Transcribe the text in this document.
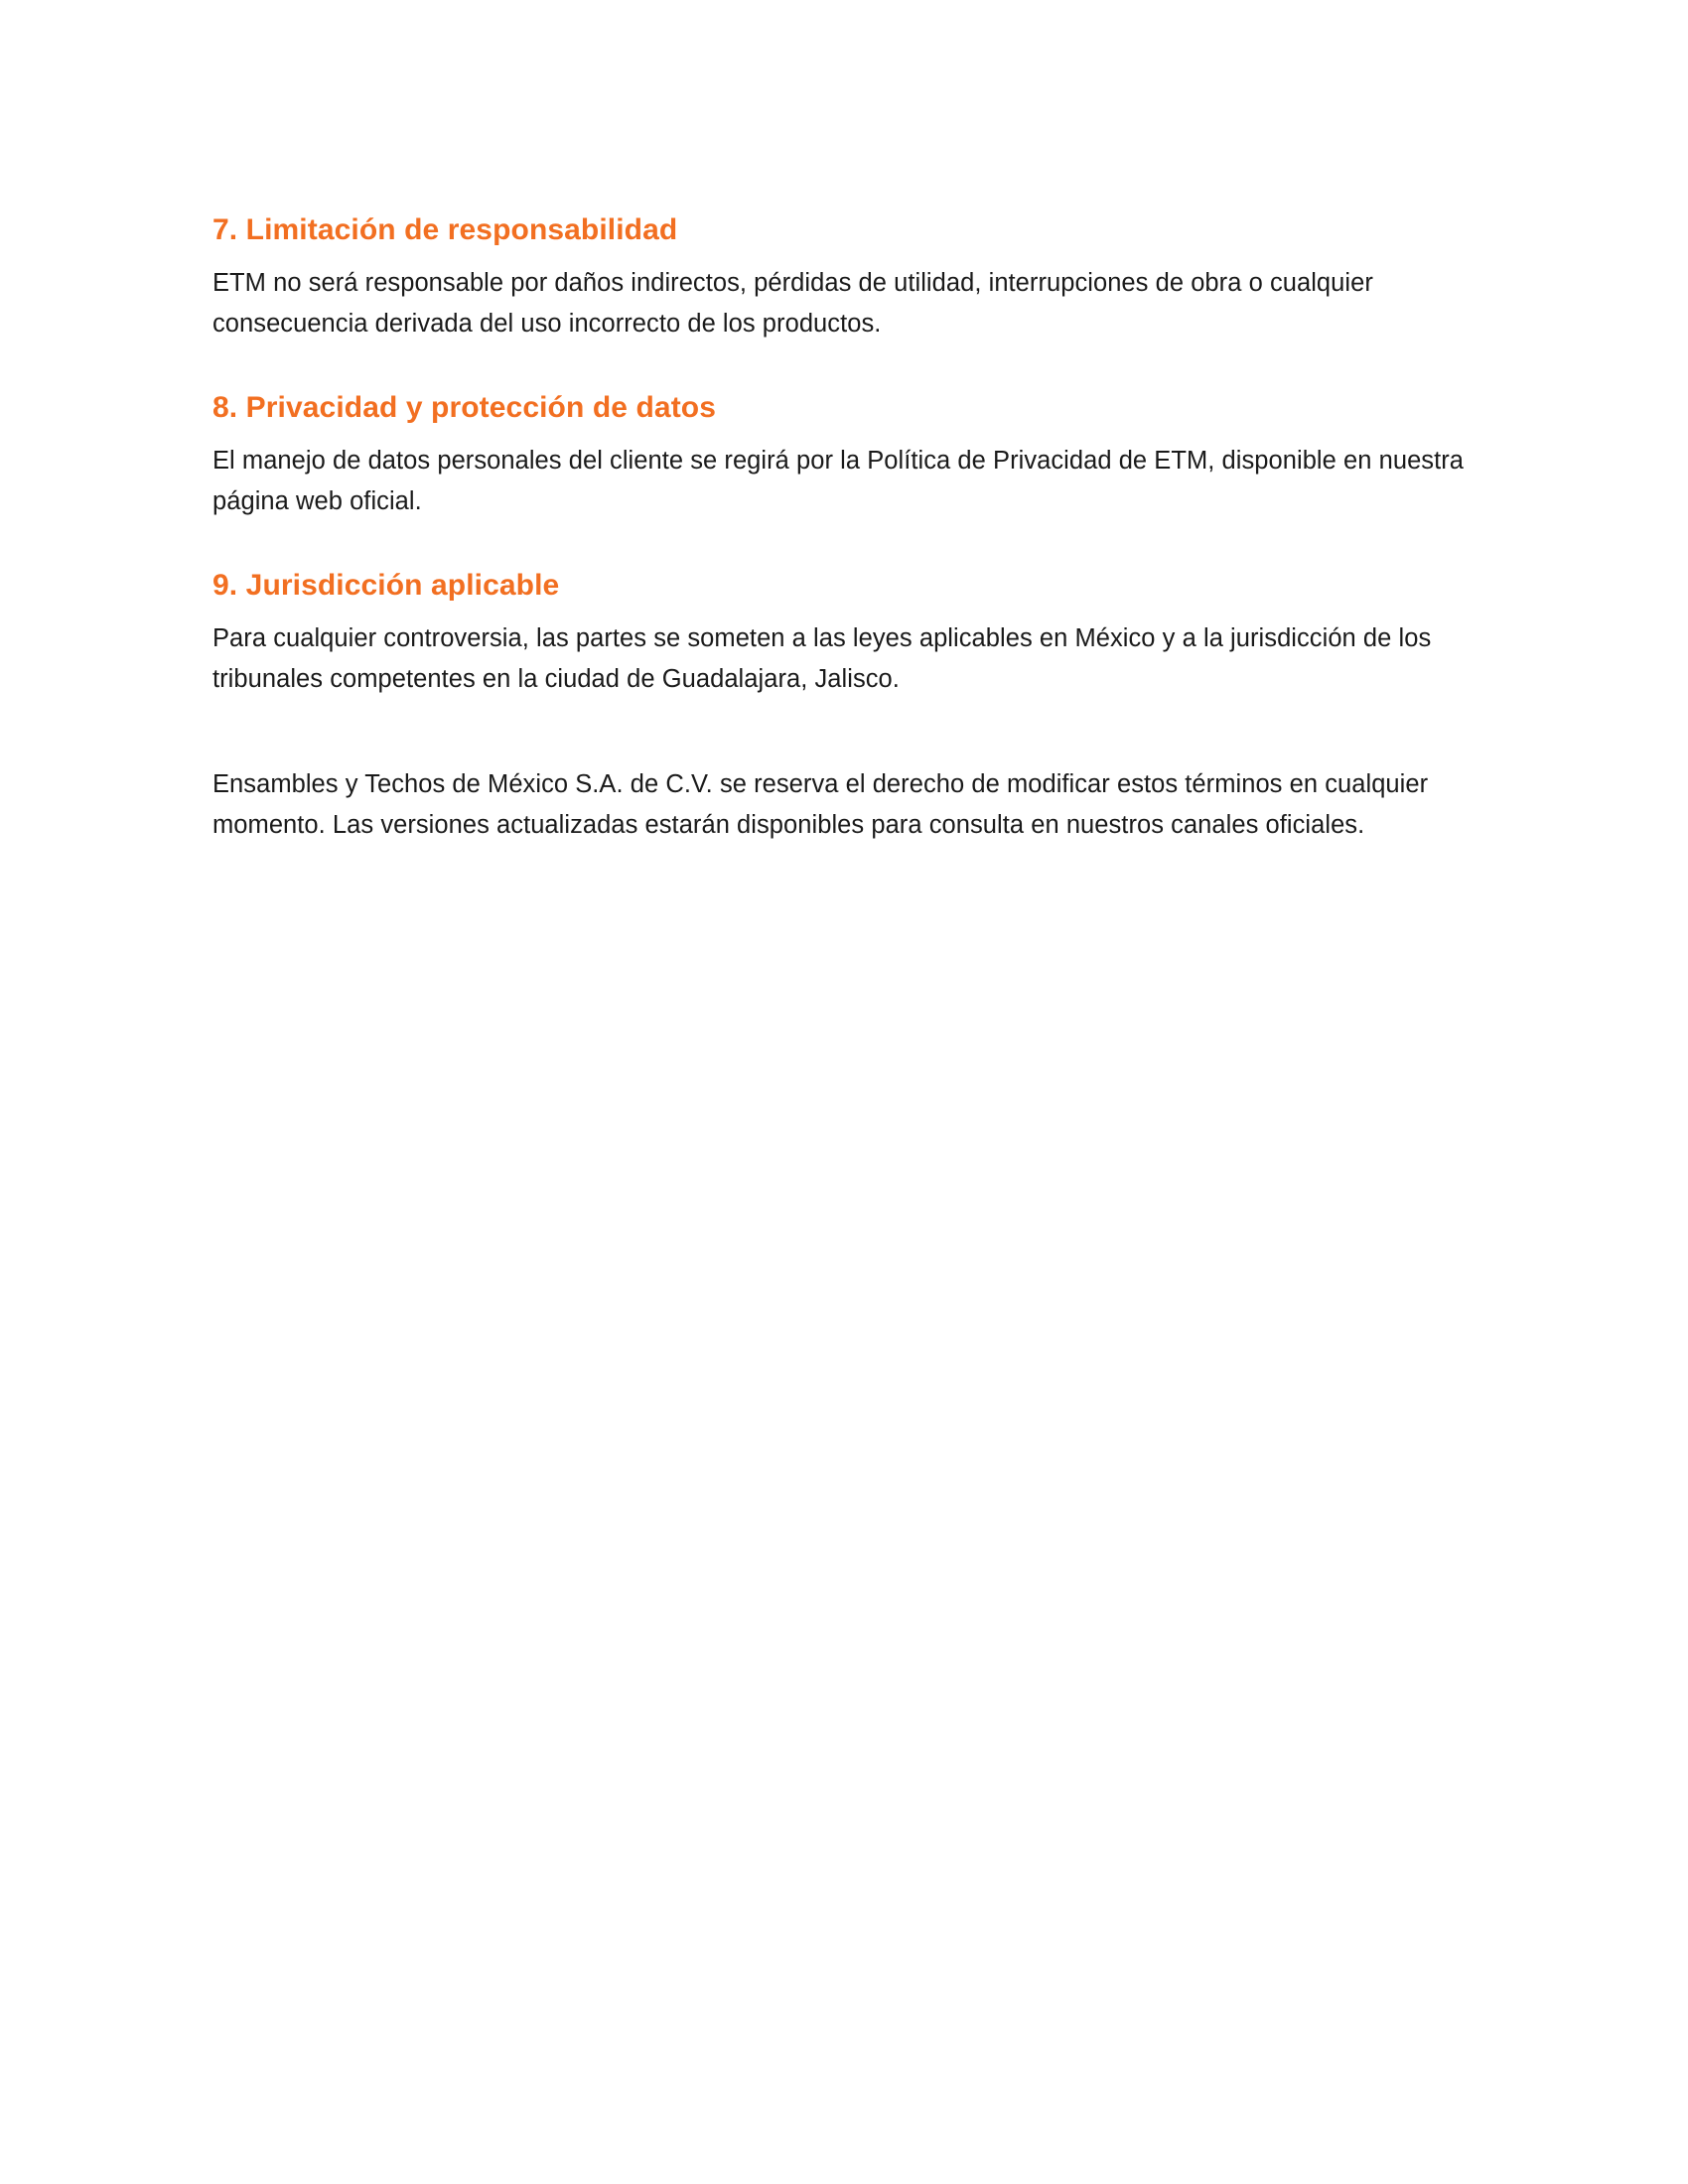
7. Limitación de responsabilidad

ETM no será responsable por daños indirectos, pérdidas de utilidad, interrupciones de obra o cualquier consecuencia derivada del uso incorrecto de los productos.

8. Privacidad y protección de datos

El manejo de datos personales del cliente se regirá por la Política de Privacidad de ETM, disponible en nuestra página web oficial.

9. Jurisdicción aplicable

Para cualquier controversia, las partes se someten a las leyes aplicables en México y a la jurisdicción de los tribunales competentes en la ciudad de Guadalajara, Jalisco.

Ensambles y Techos de México S.A. de C.V. se reserva el derecho de modificar estos términos en cualquier momento. Las versiones actualizadas estarán disponibles para consulta en nuestros canales oficiales.
